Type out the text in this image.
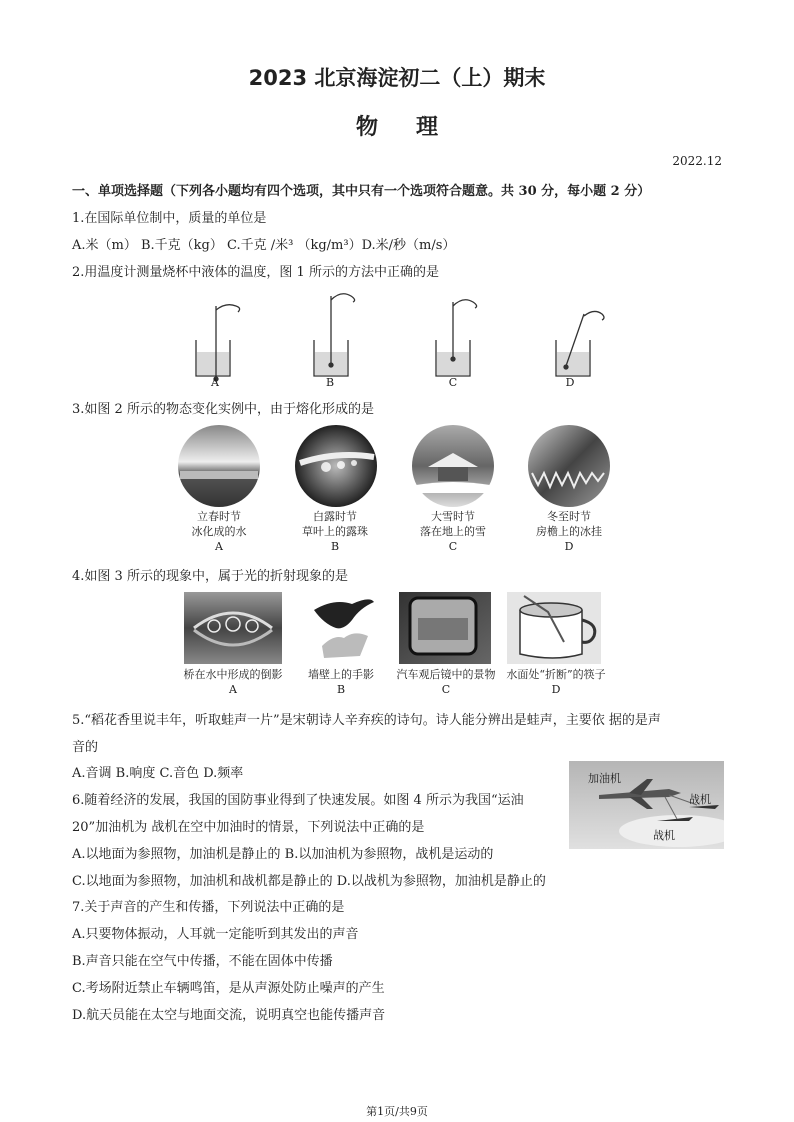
2023 北京海淀初二（上）期末
物理
2022.12
一、单项选择题（下列各小题均有四个选项，其中只有一个选项符合题意。共 30 分，每小题 2 分）
1.在国际单位制中，质量的单位是
A.米（m） B.千克（kg） C.千克 /米³ （kg/m³）D.米/秒（m/s）
2.用温度计测量烧杯中液体的温度，图 1 所示的方法中正确的是
A	B	C	D
3.如图 2 所示的物态变化实例中，由于熔化形成的是
立春时节
冰化成的水
A
白露时节
草叶上的露珠
B
大雪时节
落在地上的雪
C
冬至时节
房檐上的冰挂
D
4.如图 3 所示的现象中，属于光的折射现象的是
桥在水中形成的倒影
A
墙壁上的手影
B
汽车观后镜中的景物
C
水面处“折断”的筷子
D
5.“稻花香里说丰年，听取蛙声一片”是宋朝诗人辛弃疾的诗句。诗人能分辨出是蛙声，主要依 据的是声
音的
A.音调 B.响度 C.音色 D.频率
6.随着经济的发展，我国的国防事业得到了快速发展。如图 4 所示为我国“运油
20”加油机为 战机在空中加油时的情景，下列说法中正确的是
A.以地面为参照物，加油机是静止的 B.以加油机为参照物，战机是运动的
C.以地面为参照物，加油机和战机都是静止的 D.以战机为参照物，加油机是静止的
加油机
战机
战机
7.关于声音的产生和传播，下列说法中正确的是
A.只要物体振动，人耳就一定能听到其发出的声音
B.声音只能在空气中传播，不能在固体中传播
C.考场附近禁止车辆鸣笛，是从声源处防止噪声的产生
D.航天员能在太空与地面交流，说明真空也能传播声音
第1页/共9页
